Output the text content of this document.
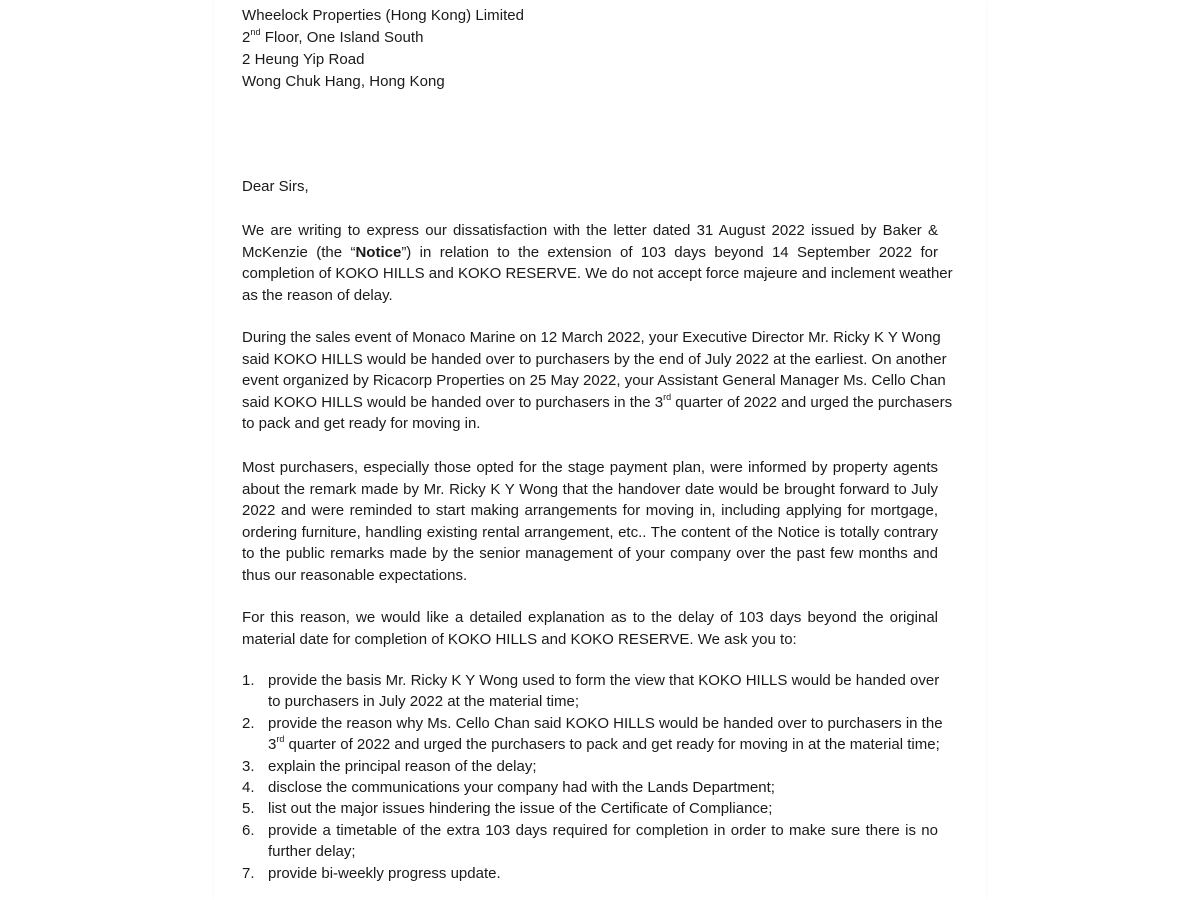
Wheelock Properties (Hong Kong) Limited
2nd Floor, One Island South
2 Heung Yip Road
Wong Chuk Hang, Hong Kong
Dear Sirs,
We are writing to express our dissatisfaction with the letter dated 31 August 2022 issued by Baker &
McKenzie (the “Notice”) in relation to the extension of 103 days beyond 14 September 2022 for
completion of KOKO HILLS and KOKO RESERVE. We do not accept force majeure and inclement weather
as the reason of delay.
During the sales event of Monaco Marine on 12 March 2022, your Executive Director Mr. Ricky K Y Wong
said KOKO HILLS would be handed over to purchasers by the end of July 2022 at the earliest. On another
event organized by Ricacorp Properties on 25 May 2022, your Assistant General Manager Ms. Cello Chan
said KOKO HILLS would be handed over to purchasers in the 3rd quarter of 2022 and urged the purchasers
to pack and get ready for moving in.
Most purchasers, especially those opted for the stage payment plan, were informed by property agents
about the remark made by Mr. Ricky K Y Wong that the handover date would be brought forward to July
2022 and were reminded to start making arrangements for moving in, including applying for mortgage,
ordering furniture, handling existing rental arrangement, etc.. The content of the Notice is totally contrary
to the public remarks made by the senior management of your company over the past few months and
thus our reasonable expectations.
For this reason, we would like a detailed explanation as to the delay of 103 days beyond the original
material date for completion of KOKO HILLS and KOKO RESERVE. We ask you to:
1. provide the basis Mr. Ricky K Y Wong used to form the view that KOKO HILLS would be handed over
to purchasers in July 2022 at the material time;
2. provide the reason why Ms. Cello Chan said KOKO HILLS would be handed over to purchasers in the
3rd quarter of 2022 and urged the purchasers to pack and get ready for moving in at the material time;
3. explain the principal reason of the delay;
4. disclose the communications your company had with the Lands Department;
5. list out the major issues hindering the issue of the Certificate of Compliance;
6. provide a timetable of the extra 103 days required for completion in order to make sure there is no
further delay;
7. provide bi-weekly progress update.
